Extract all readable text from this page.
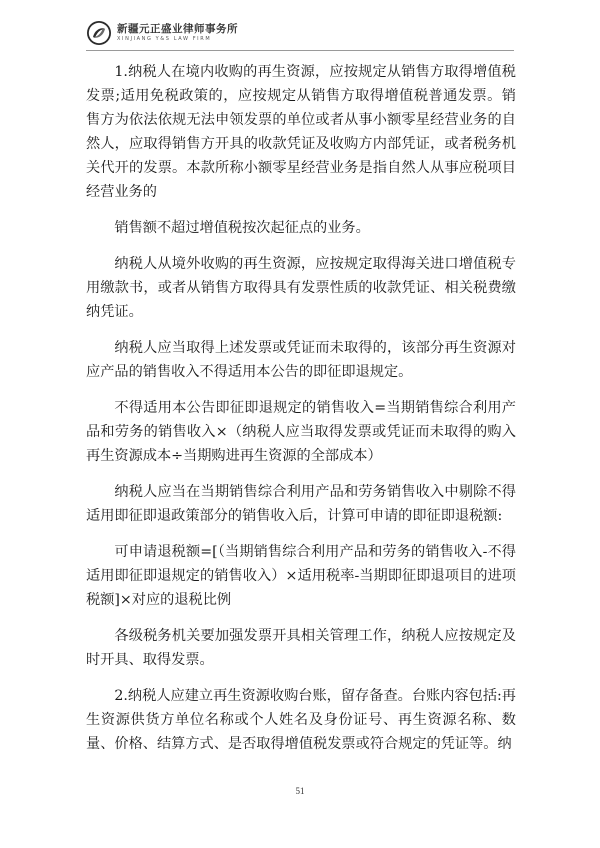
新疆元正盛业律师事务所
XINJIANG Y&S LAW FIRM

1.纳税人在境内收购的再生资源，应按规定从销售方取得增值税发票;适用免税政策的，应按规定从销售方取得增值税普通发票。销售方为依法依规无法申领发票的单位或者从事小额零星经营业务的自然人，应取得销售方开具的收款凭证及收购方内部凭证，或者税务机关代开的发票。本款所称小额零星经营业务是指自然人从事应税项目经营业务的

销售额不超过增值税按次起征点的业务。

纳税人从境外收购的再生资源，应按规定取得海关进口增值税专用缴款书，或者从销售方取得具有发票性质的收款凭证、相关税费缴纳凭证。

纳税人应当取得上述发票或凭证而未取得的，该部分再生资源对应产品的销售收入不得适用本公告的即征即退规定。

不得适用本公告即征即退规定的销售收入=当期销售综合利用产品和劳务的销售收入×（纳税人应当取得发票或凭证而未取得的购入再生资源成本÷当期购进再生资源的全部成本）

纳税人应当在当期销售综合利用产品和劳务销售收入中剔除不得适用即征即退政策部分的销售收入后，计算可申请的即征即退税额:

可申请退税额=[（当期销售综合利用产品和劳务的销售收入-不得适用即征即退规定的销售收入）×适用税率-当期即征即退项目的进项税额]×对应的退税比例

各级税务机关要加强发票开具相关管理工作，纳税人应按规定及时开具、取得发票。

2.纳税人应建立再生资源收购台账，留存备查。台账内容包括:再生资源供货方单位名称或个人姓名及身份证号、再生资源名称、数量、价格、结算方式、是否取得增值税发票或符合规定的凭证等。纳

51
